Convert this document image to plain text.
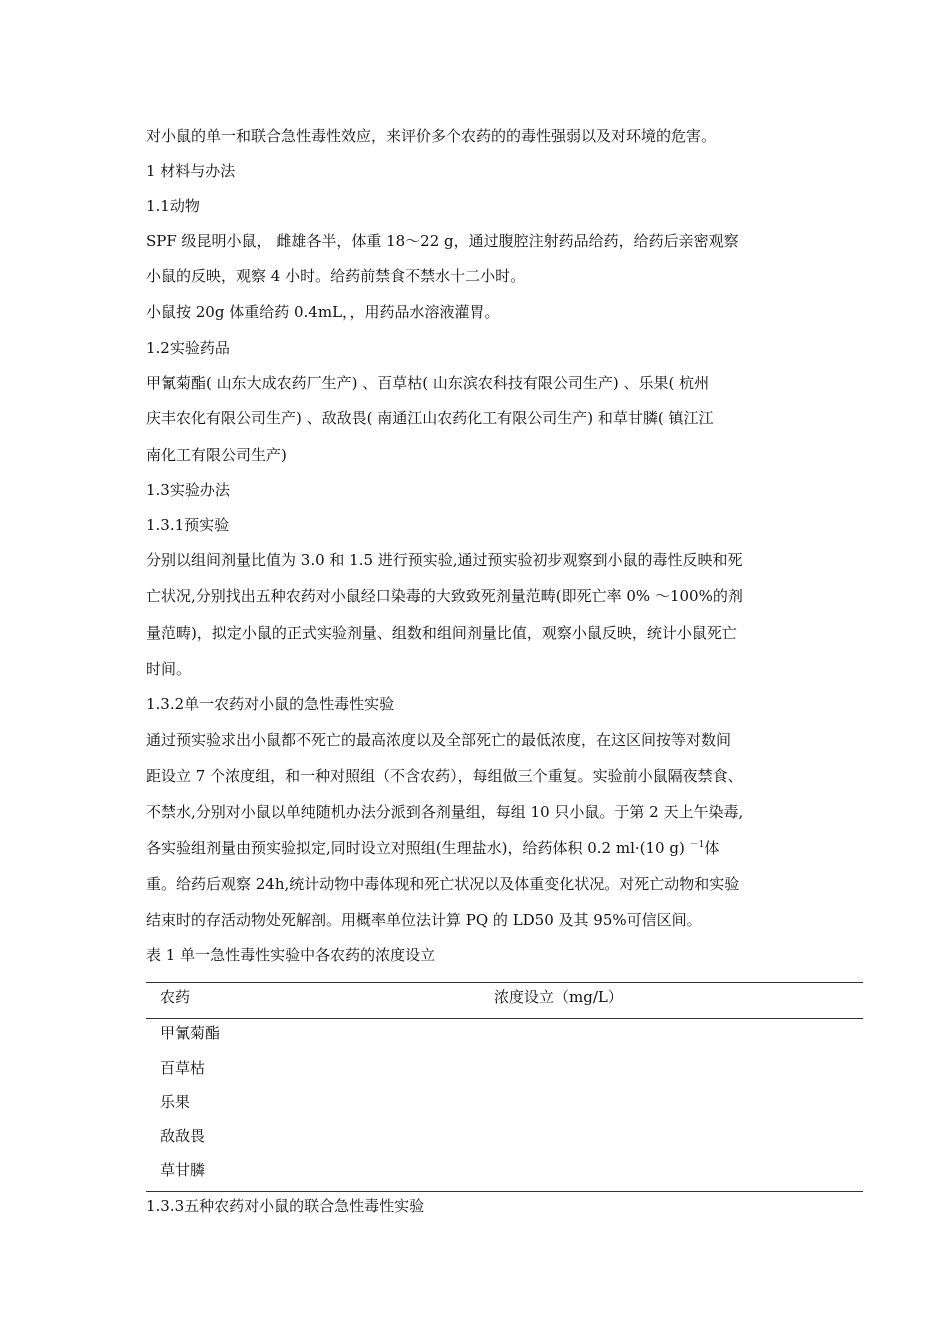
对小鼠的单一和联合急性毒性效应，来评价多个农药的的毒性强弱以及对环境的危害。
1 材料与办法
1.1动物
SPF 级昆明小鼠， 雌雄各半，体重 18～22 g，通过腹腔注射药品给药，给药后亲密观察
小鼠的反映，观察 4 小时。给药前禁食不禁水十二小时。
小鼠按 20g 体重给药 0.4mL，，用药品水溶液灌胃。
1.2实验药品
甲氰菊酯( 山东大成农药厂生产) 、百草枯( 山东滨农科技有限公司生产) 、乐果( 杭州
庆丰农化有限公司生产) 、敌敌畏( 南通江山农药化工有限公司生产) 和草甘膦( 镇江江
南化工有限公司生产)
1.3实验办法
1.3.1预实验
分别以组间剂量比值为 3.0 和 1.5 进行预实验,通过预实验初步观察到小鼠的毒性反映和死
亡状况,分别找出五种农药对小鼠经口染毒的大致致死剂量范畴(即死亡率 0% ～100%的剂
量范畴)，拟定小鼠的正式实验剂量、组数和组间剂量比值，观察小鼠反映，统计小鼠死亡
时间。
1.3.2单一农药对小鼠的急性毒性实验
通过预实验求出小鼠都不死亡的最高浓度以及全部死亡的最低浓度，在这区间按等对数间
距设立 7 个浓度组，和一种对照组（不含农药），每组做三个重复。实验前小鼠隔夜禁食、
不禁水,分别对小鼠以单纯随机办法分派到各剂量组，每组 10 只小鼠。于第 2 天上午染毒,
各实验组剂量由预实验拟定,同时设立对照组(生理盐水)，给药体积 0.2 ml·(10 g) $^{-1}$体
重。给药后观察 24h,统计动物中毒体现和死亡状况以及体重变化状况。对死亡动物和实验
结束时的存活动物处死解剖。用概率单位法计算 PQ 的 LD50 及其 95%可信区间。
表 1 单一急性毒性实验中各农药的浓度设立
农药	浓度设立（mg/L）
甲氰菊酯
百草枯
乐果
敌敌畏
草甘膦
1.3.3五种农药对小鼠的联合急性毒性实验
